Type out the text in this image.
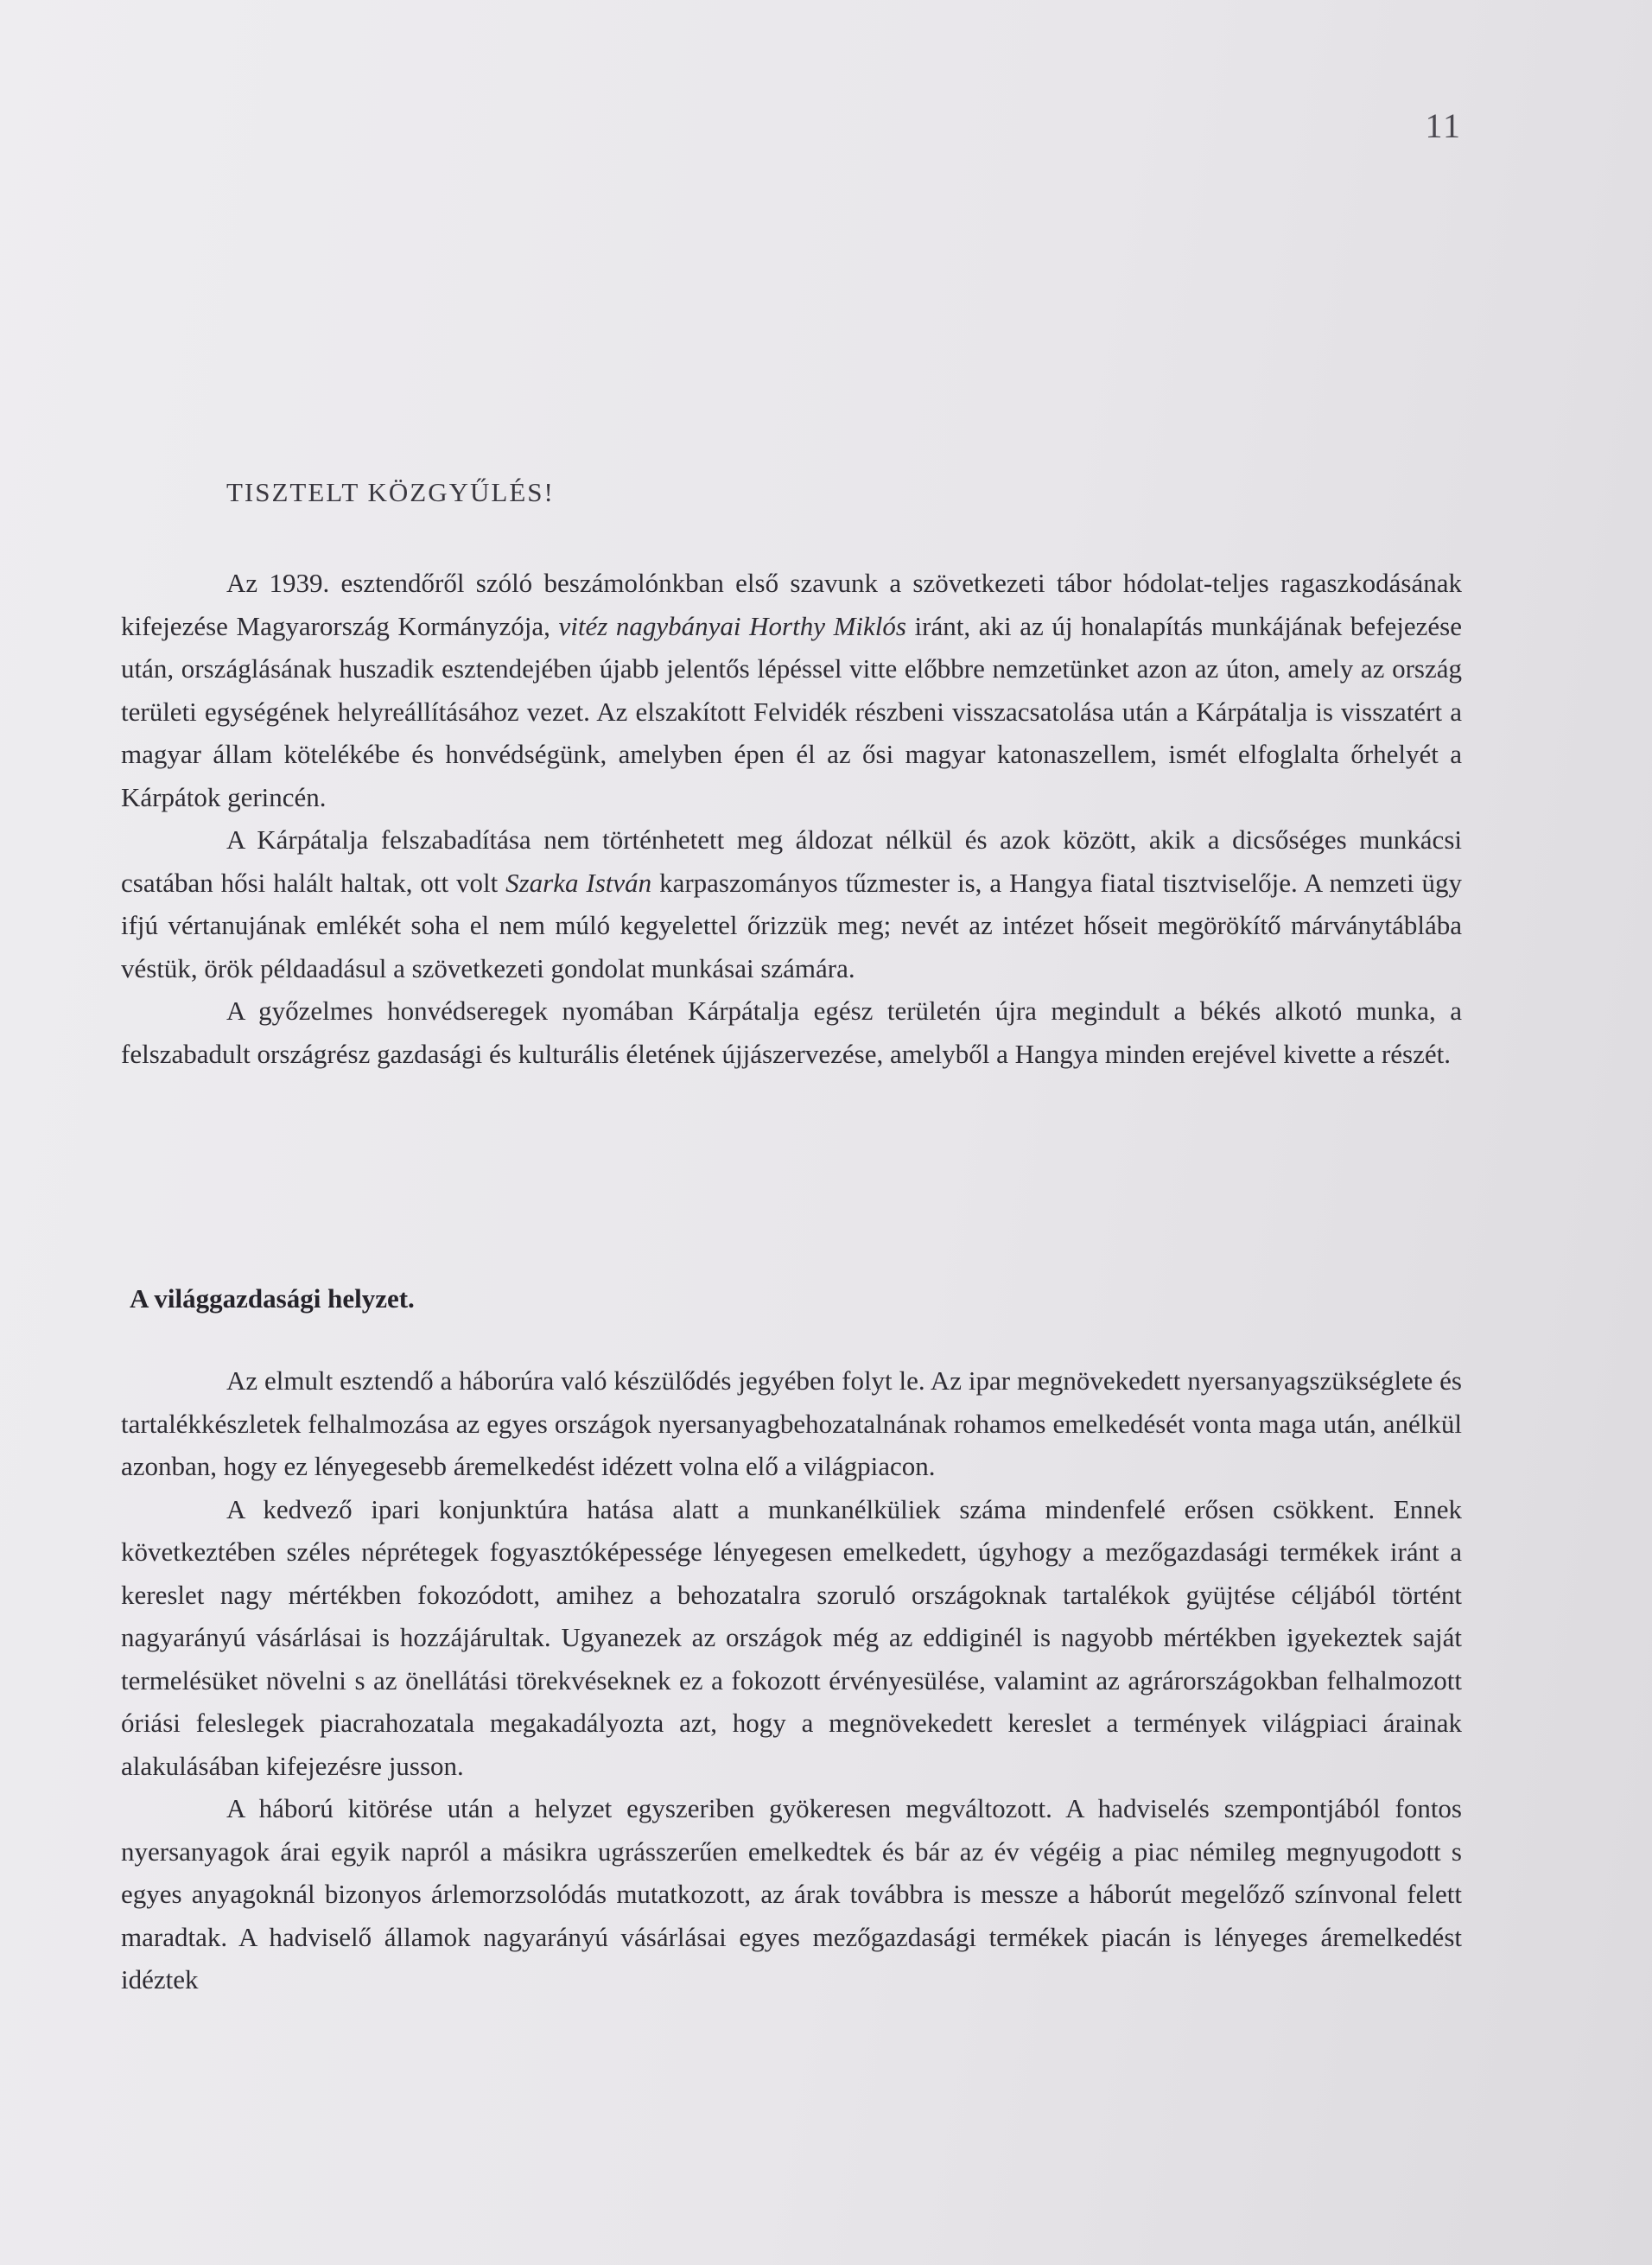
11
TISZTELT KÖZGYŰLÉS!

Az 1939. esztendőről szóló beszámolónkban első szavunk a szövetkezeti tábor hódolat-teljes ragaszkodásának kifejezése Magyarország Kormányzója, vitéz nagybányai Horthy Miklós iránt, aki az új honalapítás munkájának befejezése után, országlásának huszadik esztendejében újabb jelentős lépéssel vitte előbbre nemzetünket azon az úton, amely az ország területi egységének helyreállításához vezet. Az elszakított Felvidék részbeni visszacsatolása után a Kárpátalja is visszatért a magyar állam kötelékébe és honvédségünk, amelyben épen él az ősi magyar katonaszellem, ismét elfoglalta őrhelyét a Kárpátok gerincén.

A Kárpátalja felszabadítása nem történhetett meg áldozat nélkül és azok között, akik a dicsőséges munkácsi csatában hősi halált haltak, ott volt Szarka István karpaszományos tűzmester is, a Hangya fiatal tisztviselője. A nemzeti ügy ifjú vértanujának emlékét soha el nem múló kegyelettel őrizzük meg; nevét az intézet hőseit megörökítő márványtáblába véstük, örök példaadásul a szövetkezeti gondolat munkásai számára.

A győzelmes honvédseregek nyomában Kárpátalja egész területén újra megindult a békés alkotó munka, a felszabadult országrész gazdasági és kulturális életének újjászervezése, amelyből a Hangya minden erejével kivette a részét.

A világgazdasági helyzet.

Az elmult esztendő a háborúra való készülődés jegyében folyt le. Az ipar megnövekedett nyersanyagszükséglete és tartalékkészletek felhalmozása az egyes országok nyersanyagbehozatalnának rohamos emelkedését vonta maga után, anélkül azonban, hogy ez lényegesebb áremelkedést idézett volna elő a világpiacon.

A kedvező ipari konjunktúra hatása alatt a munkanélküliek száma mindenfelé erősen csökkent. Ennek következtében széles néprétegek fogyasztóképessége lényegesen emelkedett, úgyhogy a mezőgazdasági termékek iránt a kereslet nagy mértékben fokozódott, amihez a behozatalra szoruló országoknak tartalékok gyüjtése céljából történt nagyarányú vásárlásai is hozzájárultak. Ugyanezek az országok még az eddiginél is nagyobb mértékben igyekeztek saját termelésüket növelni s az önellátási törekvéseknek ez a fokozott érvényesülése, valamint az agrárországokban felhalmozott óriási feleslegek piacrahozatala megakadályozta azt, hogy a megnövekedett kereslet a termények világpiaci árainak alakulásában kifejezésre jusson.

A háború kitörése után a helyzet egyszeriben gyökeresen megváltozott. A hadviselés szempontjából fontos nyersanyagok árai egyik napról a másikra ugrásszerűen emelkedtek és bár az év végéig a piac némileg megnyugodott s egyes anyagoknál bizonyos árlemorzsolódás mutatkozott, az árak továbbra is messze a háborút megelőző színvonal felett maradtak. A hadviselő államok nagyarányú vásárlásai egyes mezőgazdasági termékek piacán is lényeges áremelkedést idéztek
